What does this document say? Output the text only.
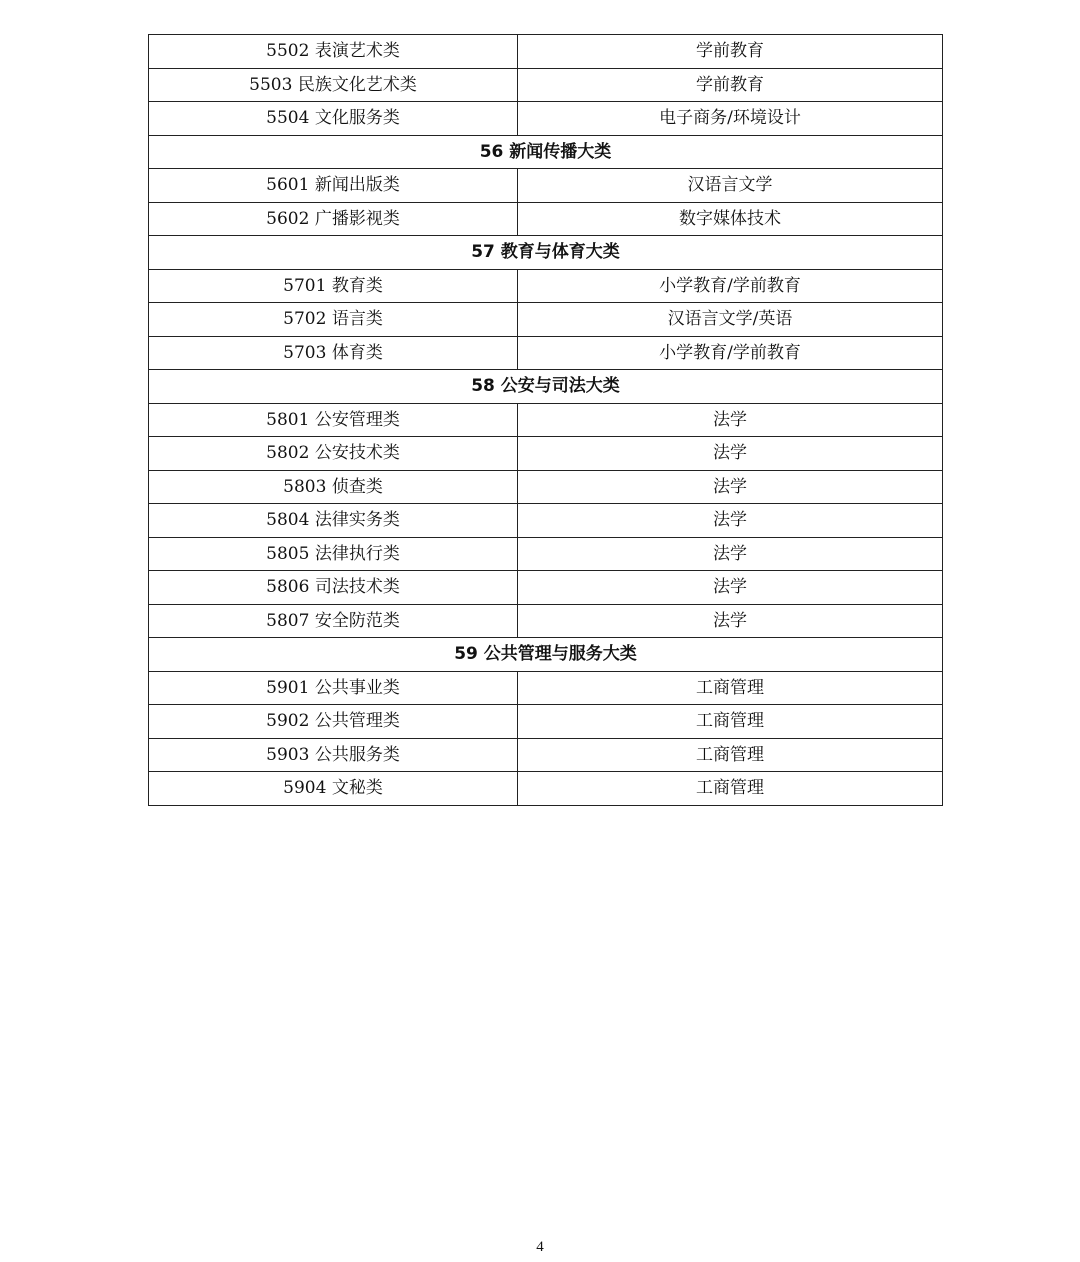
5502 表演艺术类	学前教育
5503 民族文化艺术类	学前教育
5504 文化服务类	电子商务/环境设计
56 新闻传播大类	
5601 新闻出版类	汉语言文学
5602 广播影视类	数字媒体技术
57 教育与体育大类	
5701 教育类	小学教育/学前教育
5702 语言类	汉语言文学/英语
5703 体育类	小学教育/学前教育
58 公安与司法大类	
5801 公安管理类	法学
5802 公安技术类	法学
5803 侦查类	法学
5804 法律实务类	法学
5805 法律执行类	法学
5806 司法技术类	法学
5807 安全防范类	法学
59 公共管理与服务大类	
5901 公共事业类	工商管理
5902 公共管理类	工商管理
5903 公共服务类	工商管理
5904 文秘类	工商管理
4
